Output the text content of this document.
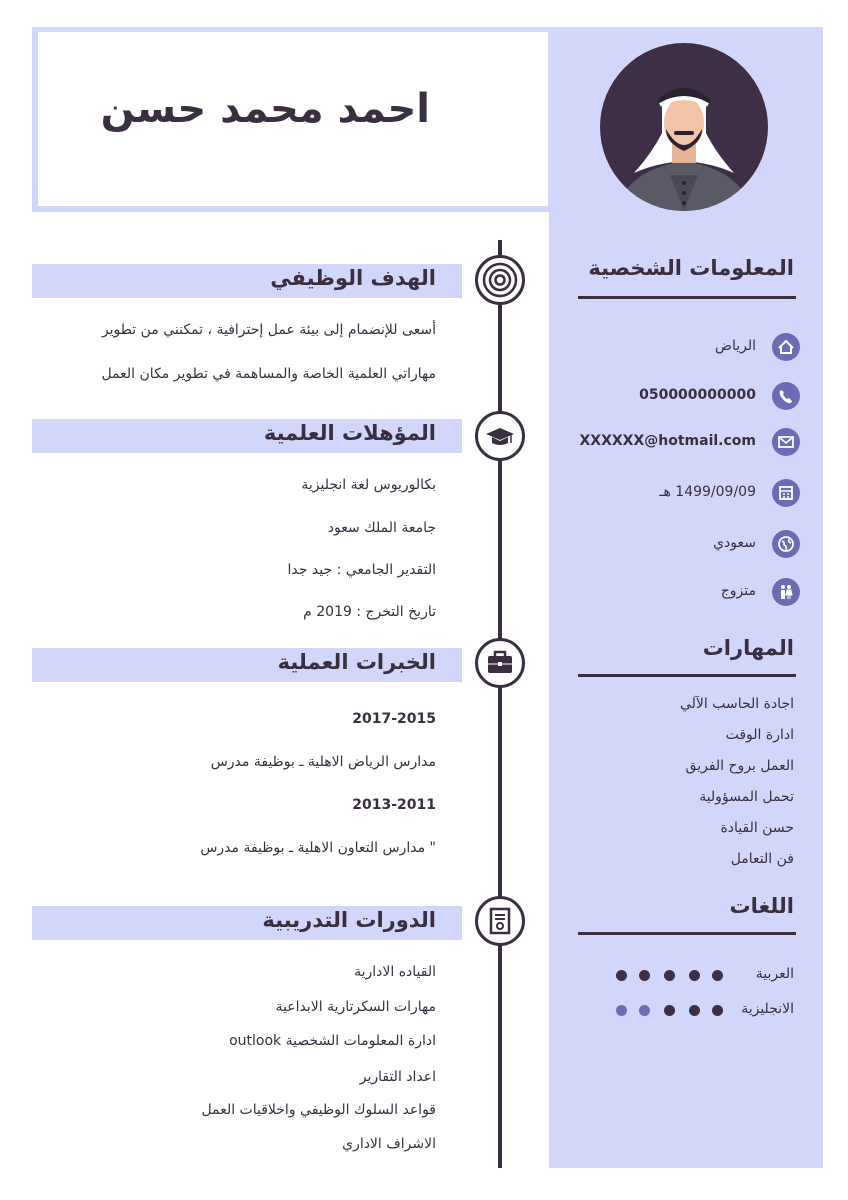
احمد محمد حسن
المعلومات الشخصية
الرياض
050000000000
XXXXXX@hotmail.com
1499/09/09 هـ
سعودي
متزوج
المهارات
اجادة الحاسب الآلي
ادارة الوقت
العمل بروح الفريق
تحمل المسؤولية
حسن القيادة
فن التعامل
اللغات
العربية
الانجليزية
الهدف الوظيفي
أسعى للإنضمام إلى بيئة عمل إحترافية ، تمكنني من تطوير
مهاراتي العلمية الخاصة والمساهمة في تطوير مكان العمل
المؤهلات العلمية
بكالوريوس لغة انجليزية
جامعة الملك سعود
التقدير الجامعي : جيد جدا
تاريخ التخرج : 2019 م
الخبرات العملية
2017-2015
مدارس الرياض الاهلية ـ بوظيفة مدرس
2013-2011
" مدارس التعاون الاهلية ـ بوظيفة مدرس
الدورات التدريبية
القياده الادارية
مهارات السكرتارية الابداعية
ادارة المعلومات الشخصية outlook
اعداد التقارير
قواعد السلوك الوظيفي واخلاقيات العمل
الاشراف الاداري
